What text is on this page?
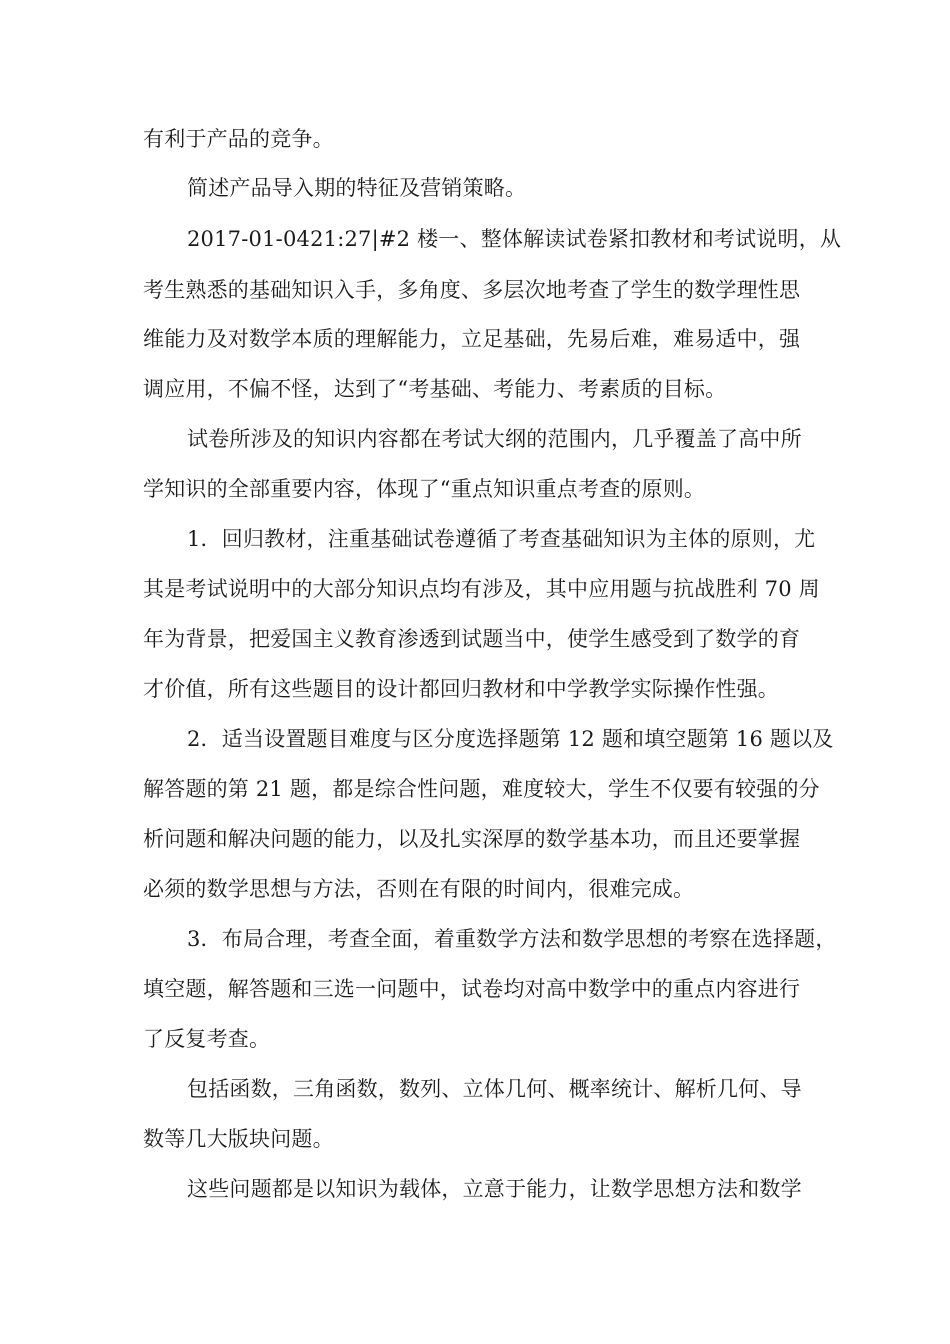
有利于产品的竞争。
简述产品导入期的特征及营销策略。
2017-01-0421:27|#2 楼一、整体解读试卷紧扣教材和考试说明，从
考生熟悉的基础知识入手，多角度、多层次地考查了学生的数学理性思
维能力及对数学本质的理解能力，立足基础，先易后难，难易适中，强
调应用，不偏不怪，达到了“考基础、考能力、考素质的目标。
试卷所涉及的知识内容都在考试大纲的范围内，几乎覆盖了高中所
学知识的全部重要内容，体现了“重点知识重点考查的原则。
1．回归教材，注重基础试卷遵循了考查基础知识为主体的原则，尤
其是考试说明中的大部分知识点均有涉及，其中应用题与抗战胜利 70 周
年为背景，把爱国主义教育渗透到试题当中，使学生感受到了数学的育
才价值，所有这些题目的设计都回归教材和中学教学实际操作性强。
2．适当设置题目难度与区分度选择题第 12 题和填空题第 16 题以及
解答题的第 21 题，都是综合性问题，难度较大，学生不仅要有较强的分
析问题和解决问题的能力，以及扎实深厚的数学基本功，而且还要掌握
必须的数学思想与方法，否则在有限的时间内，很难完成。
3．布局合理，考查全面，着重数学方法和数学思想的考察在选择题，
填空题，解答题和三选一问题中，试卷均对高中数学中的重点内容进行
了反复考查。
包括函数，三角函数，数列、立体几何、概率统计、解析几何、导
数等几大版块问题。
这些问题都是以知识为载体，立意于能力，让数学思想方法和数学
